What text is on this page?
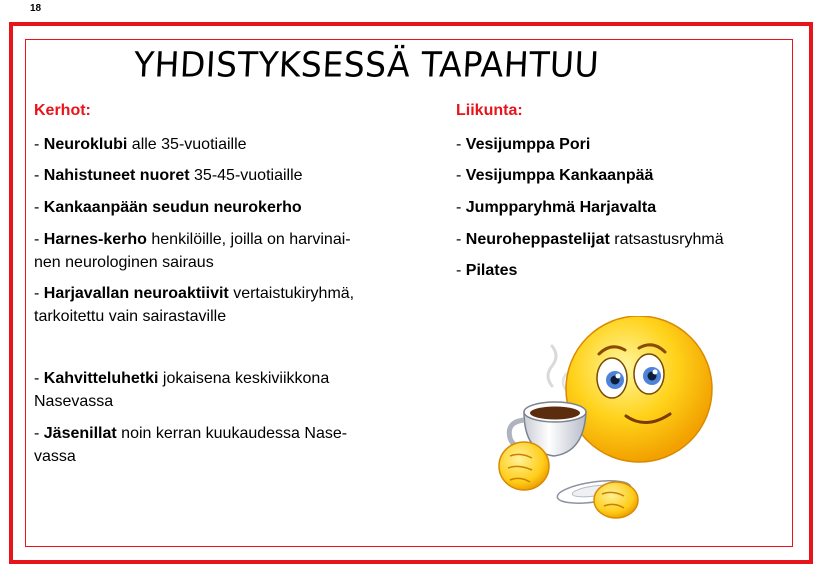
18
YHDISTYKSESSÄ TAPAHTUU
Kerhot:	Liikunta:
- Neuroklubi alle 35-vuotiaille
- Nahistuneet nuoret 35-45-vuotiaille
- Kankaanpään seudun neurokerho
- Harnes-kerho henkilöille, joilla on harvinai-
nen neurologinen sairaus
- Harjavallan neuroaktiivit vertaistukiryhmä,
tarkoitettu vain sairastaville
- Kahvitteluhetki jokaisena keskiviikkona
Nasevassa
- Jäsenillat noin kerran kuukaudessa Nase-
vassa
- Vesijumppa Pori
- Vesijumppa Kankaanpää
- Jumpparyhmä Harjavalta
- Neuroheppastelijat ratsastusryhmä
- Pilates
